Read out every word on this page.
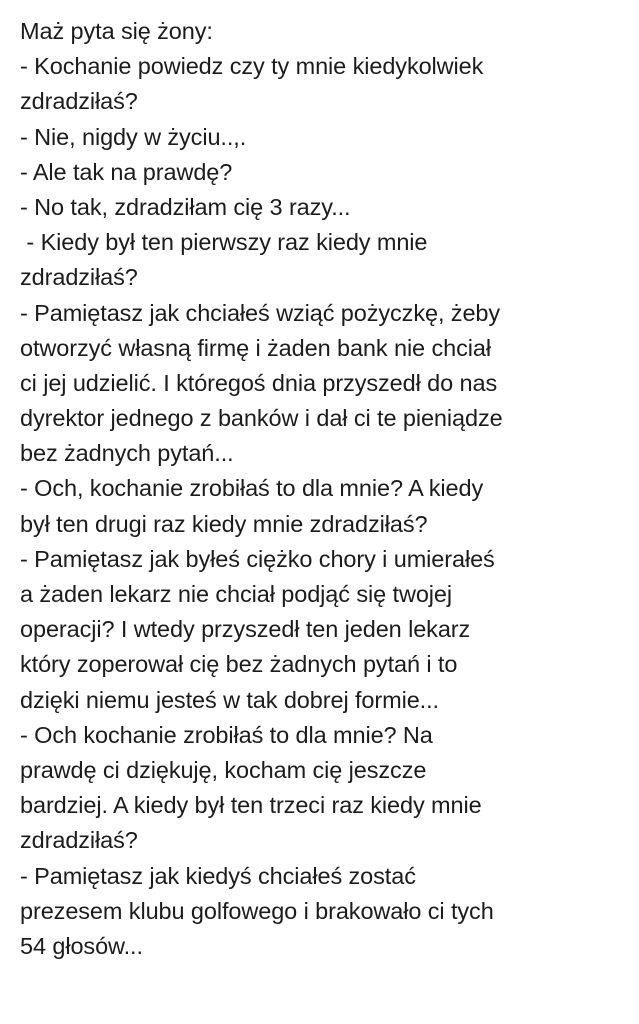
Maż pyta się żony:
- Kochanie powiedz czy ty mnie kiedykolwiek
zdradziłaś?
- Nie, nigdy w życiu..,.
- Ale tak na prawdę?
- No tak, zdradziłam cię 3 razy...
- Kiedy był ten pierwszy raz kiedy mnie
zdradziłaś?
- Pamiętasz jak chciałeś wziąć pożyczkę, żeby
otworzyć własną firmę i żaden bank nie chciał
ci jej udzielić. I któregoś dnia przyszedł do nas
dyrektor jednego z banków i dał ci te pieniądze
bez żadnych pytań...
- Och, kochanie zrobiłaś to dla mnie? A kiedy
był ten drugi raz kiedy mnie zdradziłaś?
- Pamiętasz jak byłeś ciężko chory i umierałeś
a żaden lekarz nie chciał podjąć się twojej
operacji? I wtedy przyszedł ten jeden lekarz
który zoperował cię bez żadnych pytań i to
dzięki niemu jesteś w tak dobrej formie...
- Och kochanie zrobiłaś to dla mnie? Na
prawdę ci dziękuję, kocham cię jeszcze
bardziej. A kiedy był ten trzeci raz kiedy mnie
zdradziłaś?
- Pamiętasz jak kiedyś chciałeś zostać
prezesem klubu golfowego i brakowało ci tych
54 głosów...
